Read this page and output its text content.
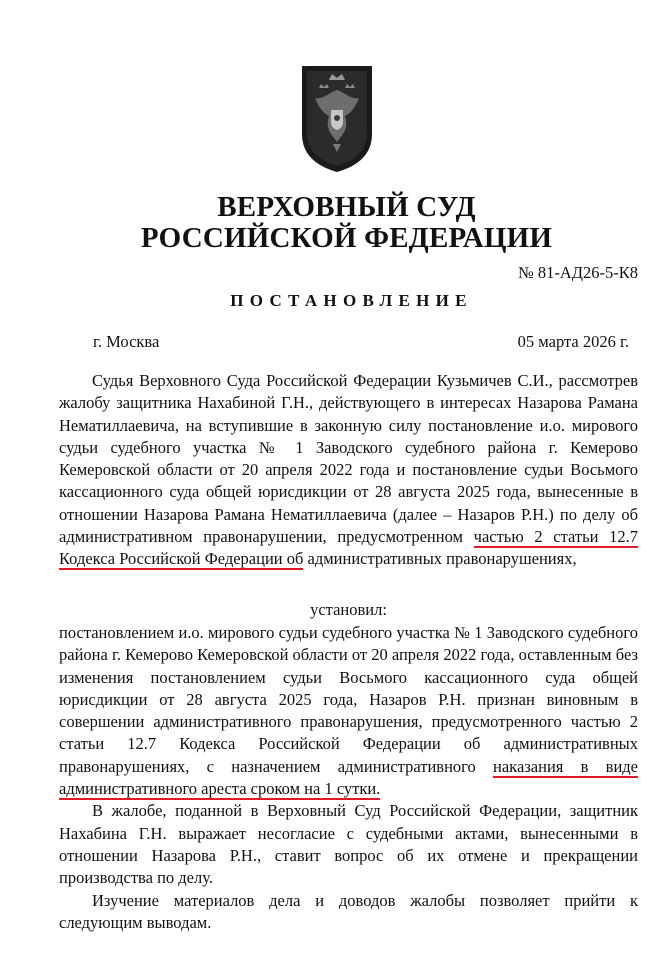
ВЕРХОВНЫЙ СУД
РОССИЙСКОЙ ФЕДЕРАЦИИ
№ 81-АД26-5-К8
ПОСТАНОВЛЕНИЕ
г. Москва	05 марта 2026 г.

Судья Верховного Суда Российской Федерации Кузьмичев С.И., рассмотрев жалобу защитника Нахабиной Г.Н., действующего в интересах Назарова Рамана Нематиллаевича, на вступившие в законную силу постановление и.о. мирового судьи судебного участка № 1 Заводского судебного района г. Кемерово Кемеровской области от 20 апреля 2022 года и постановление судьи Восьмого кассационного суда общей юрисдикции от 28 августа 2025 года, вынесенные в отношении Назарова Рамана Нематиллаевича (далее – Назаров Р.Н.) по делу об административном правонарушении, предусмотренном частью 2 статьи 12.7 Кодекса Российской Федерации об административных правонарушениях,

установил:

постановлением и.о. мирового судьи судебного участка № 1 Заводского судебного района г. Кемерово Кемеровской области от 20 апреля 2022 года, оставленным без изменения постановлением судьи Восьмого кассационного суда общей юрисдикции от 28 августа 2025 года, Назаров Р.Н. признан виновным в совершении административного правонарушения, предусмотренного частью 2 статьи 12.7 Кодекса Российской Федерации об административных правонарушениях, с назначением административного наказания в виде административного ареста сроком на 1 сутки.

В жалобе, поданной в Верховный Суд Российской Федерации, защитник Нахабина Г.Н. выражает несогласие с судебными актами, вынесенными в отношении Назарова Р.Н., ставит вопрос об их отмене и прекращении производства по делу.

Изучение материалов дела и доводов жалобы позволяет прийти к следующим выводам.
